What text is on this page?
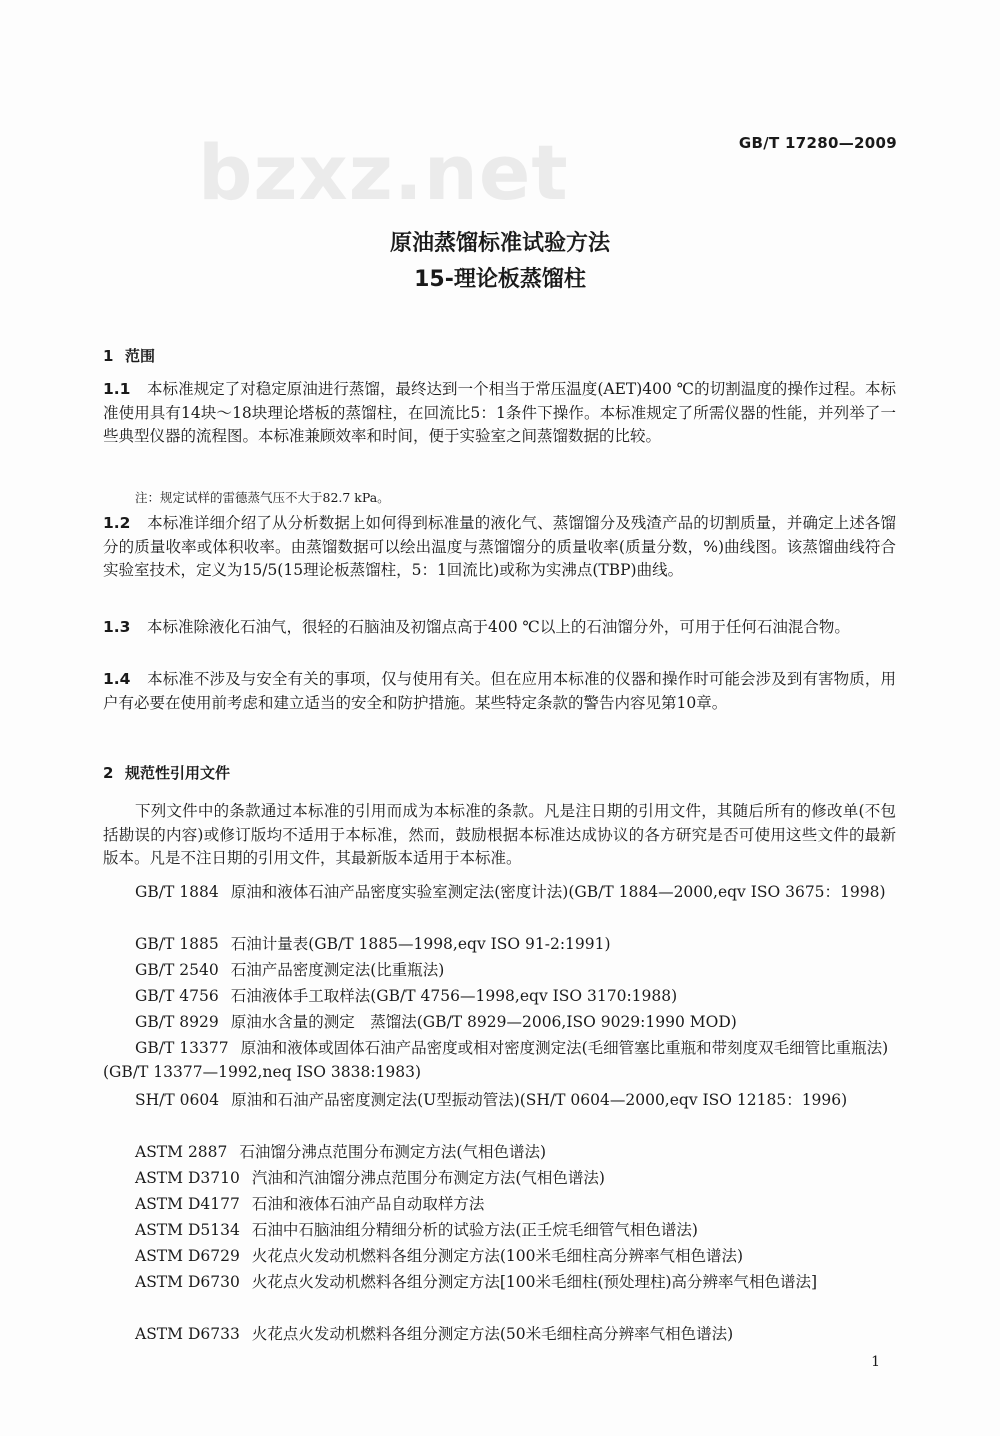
bzxz.net	GB/T 17280—2009
原油蒸馏标准试验方法
15-理论板蒸馏柱
1 范围
1.1 本标准规定了对稳定原油进行蒸馏，最终达到一个相当于常压温度(AET)400 ℃的切割温度的操作过程。本标准使用具有14块～18块理论塔板的蒸馏柱，在回流比5：1条件下操作。本标准规定了所需仪器的性能，并列举了一些典型仪器的流程图。本标准兼顾效率和时间，便于实验室之间蒸馏数据的比较。
注：规定试样的雷德蒸气压不大于82.7 kPa。
1.2 本标准详细介绍了从分析数据上如何得到标准量的液化气、蒸馏馏分及残渣产品的切割质量，并确定上述各馏分的质量收率或体积收率。由蒸馏数据可以绘出温度与蒸馏馏分的质量收率(质量分数，%)曲线图。该蒸馏曲线符合实验室技术，定义为15/5(15理论板蒸馏柱，5：1回流比)或称为实沸点(TBP)曲线。
1.3 本标准除液化石油气，很轻的石脑油及初馏点高于400 ℃以上的石油馏分外，可用于任何石油混合物。
1.4 本标准不涉及与安全有关的事项，仅与使用有关。但在应用本标准的仪器和操作时可能会涉及到有害物质，用户有必要在使用前考虑和建立适当的安全和防护措施。某些特定条款的警告内容见第10章。
2 规范性引用文件
下列文件中的条款通过本标准的引用而成为本标准的条款。凡是注日期的引用文件，其随后所有的修改单(不包括勘误的内容)或修订版均不适用于本标准，然而，鼓励根据本标准达成协议的各方研究是否可使用这些文件的最新版本。凡是不注日期的引用文件，其最新版本适用于本标准。
GB/T 1884 原油和液体石油产品密度实验室测定法(密度计法)(GB/T 1884—2000,eqv ISO 3675：1998)
GB/T 1885 石油计量表(GB/T 1885—1998,eqv ISO 91-2:1991)
GB/T 2540 石油产品密度测定法(比重瓶法)
GB/T 4756 石油液体手工取样法(GB/T 4756—1998,eqv ISO 3170:1988)
GB/T 8929 原油水含量的测定　蒸馏法(GB/T 8929—2006,ISO 9029:1990 MOD)
GB/T 13377 原油和液体或固体石油产品密度或相对密度测定法(毛细管塞比重瓶和带刻度双毛细管比重瓶法)(GB/T 13377—1992,neq ISO 3838:1983)
SH/T 0604 原油和石油产品密度测定法(U型振动管法)(SH/T 0604—2000,eqv ISO 12185：1996)
ASTM 2887 石油馏分沸点范围分布测定方法(气相色谱法)
ASTM D3710 汽油和汽油馏分沸点范围分布测定方法(气相色谱法)
ASTM D4177 石油和液体石油产品自动取样方法
ASTM D5134 石油中石脑油组分精细分析的试验方法(正壬烷毛细管气相色谱法)
ASTM D6729 火花点火发动机燃料各组分测定方法(100米毛细柱高分辨率气相色谱法)
ASTM D6730 火花点火发动机燃料各组分测定方法[100米毛细柱(预处理柱)高分辨率气相色谱法]
ASTM D6733 火花点火发动机燃料各组分测定方法(50米毛细柱高分辨率气相色谱法)
1
